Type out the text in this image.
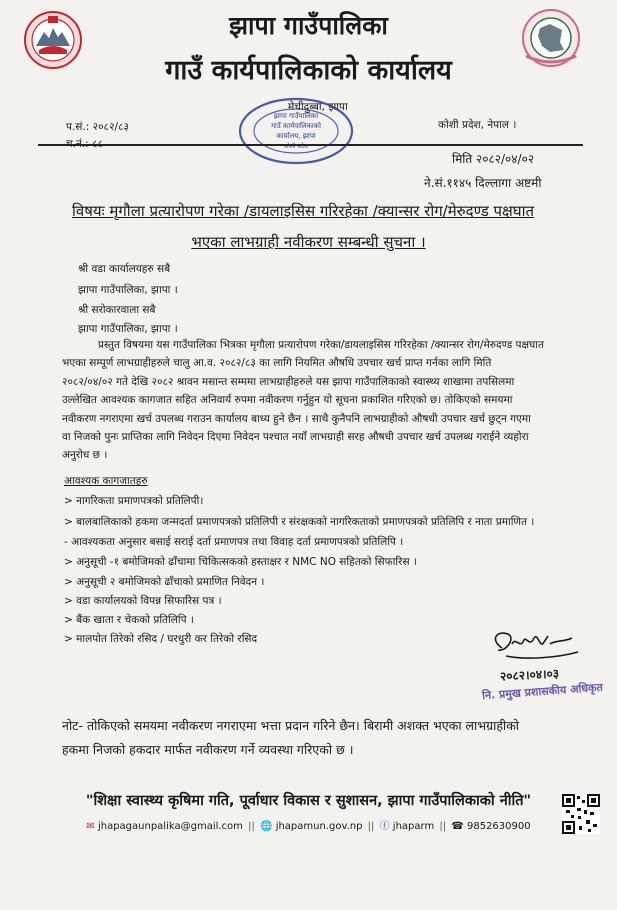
झापा गाउँपालिका
गाउँ कार्यपालिकाको कार्यालय
प.सं.: २०८२/८३
च.नं.: ८८
मेचीदुब्बा, झापा
कोशी प्रदेश, नेपाल ।
झापा गाउँपालिका
गाउँ कार्यपालिकाको
कार्यालय, झापा
कोशी प्रदेश
मिति २०८२/०४/०२
ने.सं.११४५ दिल्लागा अष्टमी
विषयः मृगौला प्रत्यारोपण गरेका /डायलाइसिस गरिरहेका /क्यान्सर रोग/मेरुदण्ड पक्षघात
भएका लाभग्राही नवीकरण सम्बन्धी सुचना ।
श्री वडा कार्यालयहरु सबै
झापा गाउँपालिका, झापा ।
श्री सरोकारवाला सबै
झापा गाउँपालिका, झापा ।
प्रस्तुत विषयमा यस गाउँपालिका भित्रका मृगौला प्रत्यारोपण गरेका/डायलाइसिस गरिरहेका /क्यान्सर रोग/मेरुदण्ड पक्षघात
भएका सम्पूर्ण लाभग्राहीहरुले चालु आ.व. २०८२/८३ का लागि नियमित औषधि उपचार खर्च प्राप्त गर्नका लागि मिति
२०८२/०४/०२ गते देखि २०८२ श्रावन मसान्त सम्ममा लाभग्राहीहरुले यस झापा गाउँपालिकाको स्वास्थ्य शाखामा तपसिलमा
उल्लेखित आवश्यक कागजात सहित अनिवार्य रुपमा नवीकरण गर्नुहुन यो सूचना प्रकाशित गरिएको छ। तोकिएको समयमा
नवीकरण नगराएमा खर्च उपलब्ध गराउन कार्यालय बाध्य हुने छैन । साथै कुनैपनि लाभग्राहीको औषधी उपचार खर्च छुट्न गएमा
वा निजको पुनः प्राप्तिका लागि निवेदन दिएमा निवेदन पश्चात नयाँ लाभग्राही सरह औषधी उपचार खर्च उपलब्ध गराईने व्यहोरा
अनुरोध छ ।
आवश्यक कागजातहरु
> नागरिकता प्रमाणपत्रको प्रतिलिपी।
> बालबालिकाको हकमा जन्मदर्ता प्रमाणपत्रको प्रतिलिपी र संरक्षकको नागरिकताको प्रमाणपत्रको प्रतिलिपि र नाता प्रमाणित ।
- आवश्यकता अनुसार बसाई सराई दर्ता प्रमाणपत्र तथा विवाह दर्ता प्रमाणपत्रको प्रतिलिपि ।
> अनुसूची -१ बमोजिमको ढाँचामा चिकित्सकको हस्ताक्षर र NMC NO सहितको सिफारिस ।
> अनुसूची २ बमोजिमको ढाँचाको प्रमाणित निवेदन ।
> वडा कार्यालयको विपन्न सिफारिस पत्र ।
> बैंक खाता र चेकको प्रतिलिपि ।
> मालपोत तिरेको रसिद / घरधुरी कर तिरेको रसिद
२०८२।०४।०३
नि. प्रमुख प्रशासकीय अधिकृत
नोट- तोकिएको समयमा नवीकरण नगराएमा भत्ता प्रदान गरिने छैन। बिरामी अशक्त भएका लाभग्राहीको
हकमा निजको हकदार मार्फत नवीकरण गर्ने व्यवस्था गरिएको छ ।
"शिक्षा स्वास्थ्य कृषिमा गति, पूर्वाधार विकास र सुशासन, झापा गाउँपालिकाको नीति"
✉ jhapagaunpalika@gmail.com || 🌐 jhapamun.gov.np || ⓕ jhaparm || ☎ 9852630900
